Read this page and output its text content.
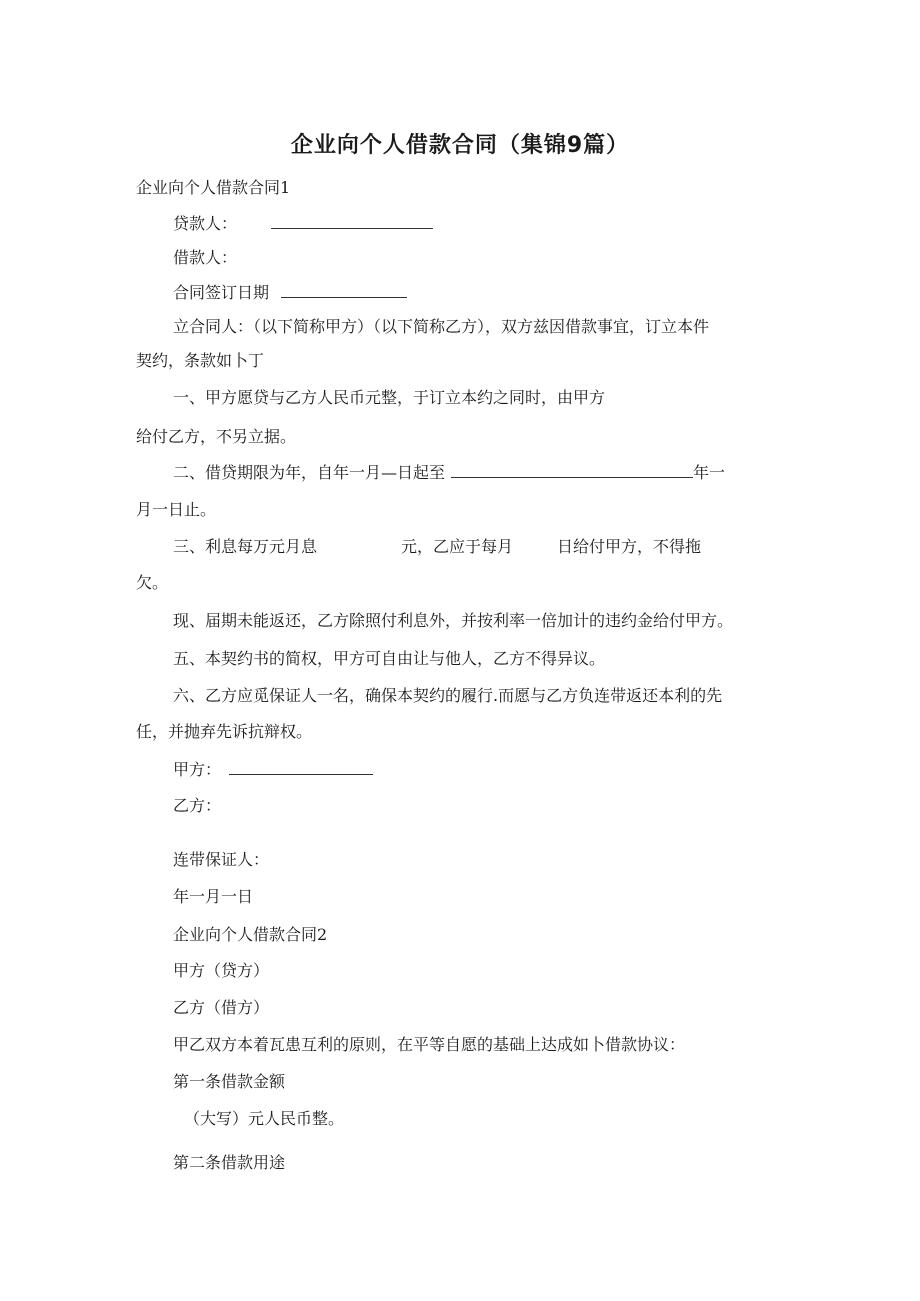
企业向个人借款合同（集锦9篇）
企业向个人借款合同1
贷款人：
借款人：
合同签订日期
立合同人：（以下简称甲方）（以下简称乙方），双方兹因借款事宜，订立本件
契约，条款如卜丁
一、甲方愿贷与乙方人民币元整，于订立本约之同时，由甲方
给付乙方，不另立据。
二、借贷期限为年，自年一月—日起至	年一
月一日止。
三、利息每万元月息	元，乙应于每月	日给付甲方，不得拖
欠。
现、届期未能返还，乙方除照付利息外，并按利率一倍加计的违约金给付甲方。
五、本契约书的简权，甲方可自由让与他人，乙方不得异议。
六、乙方应觅保证人一名，确保本契约的履行.而愿与乙方负连带返还本利的先
任，并抛弃先诉抗辩权。
甲方：
乙方：
连带保证人：
年一月一日
企业向个人借款合同2
甲方（贷方）
乙方（借方）
甲乙双方本着瓦患互利的原则，在平等自愿的基础上达成如卜借款协议：
第一条借款金额
（大写）元人民币整。
第二条借款用途
